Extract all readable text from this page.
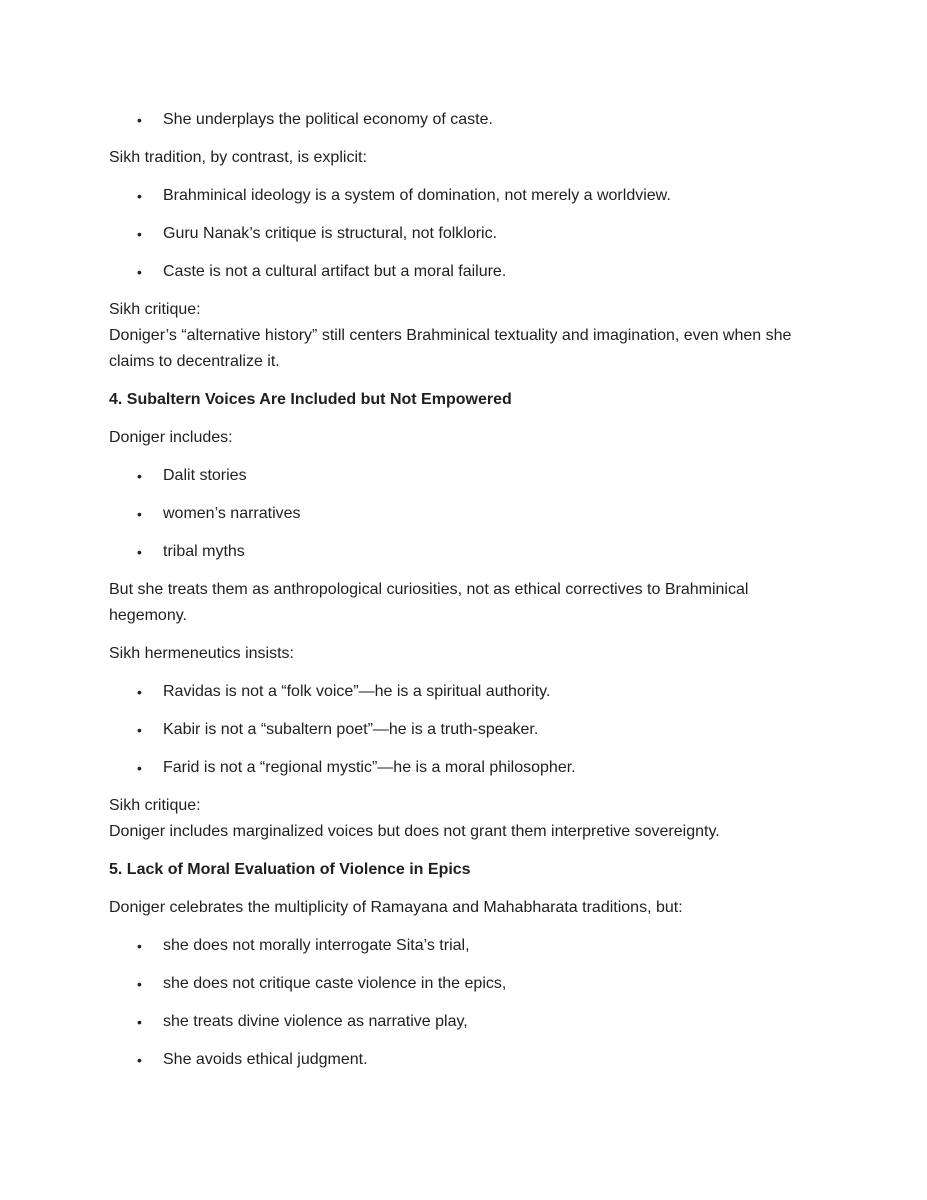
•	She underplays the political economy of caste.
Sikh tradition, by contrast, is explicit:
•	Brahminical ideology is a system of domination, not merely a worldview.
•	Guru Nanak’s critique is structural, not folkloric.
•	Caste is not a cultural artifact but a moral failure.
Sikh critique:
Doniger’s “alternative history” still centers Brahminical textuality and imagination, even when she claims to decentralize it.
4. Subaltern Voices Are Included but Not Empowered
Doniger includes:
•	Dalit stories
•	women’s narratives
•	tribal myths
But she treats them as anthropological curiosities, not as ethical correctives to Brahminical hegemony.
Sikh hermeneutics insists:
•	Ravidas is not a “folk voice”—he is a spiritual authority.
•	Kabir is not a “subaltern poet”—he is a truth-speaker.
•	Farid is not a “regional mystic”—he is a moral philosopher.
Sikh critique:
Doniger includes marginalized voices but does not grant them interpretive sovereignty.
5. Lack of Moral Evaluation of Violence in Epics
Doniger celebrates the multiplicity of Ramayana and Mahabharata traditions, but:
•	she does not morally interrogate Sita’s trial,
•	she does not critique caste violence in the epics,
•	she treats divine violence as narrative play,
•	She avoids ethical judgment.
